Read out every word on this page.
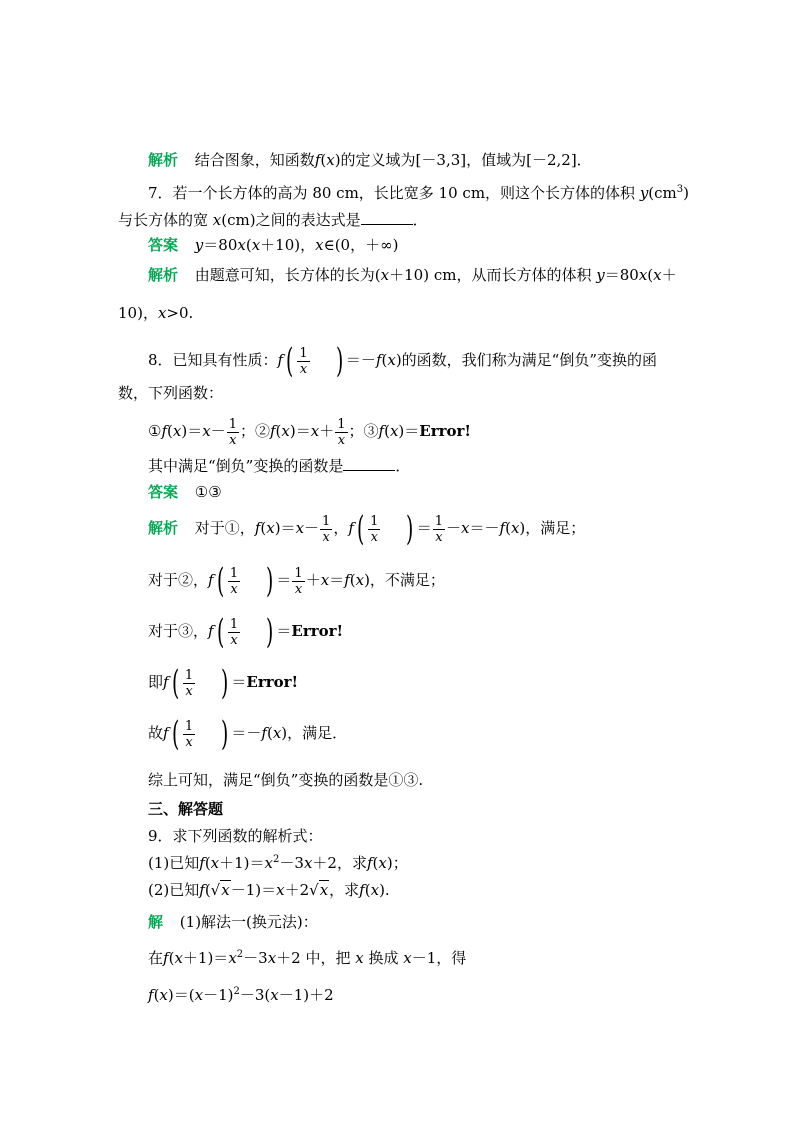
解析 结合图象，知函数f(x)的定义域为[－3,3]，值域为[－2,2]．
7．若一个长方体的高为 80 cm，长比宽多 10 cm，则这个长方体的体积 $y(cm^3)$
与长方体的宽 x(cm)之间的表达式是	．
答案 y＝80x(x＋10)，x∈(0，＋∞)
解析 由题意可知，长方体的长为(x＋10) cm，从而长方体的体积 y＝80x(x＋
10)，x>0.
8．已知具有性质：$f( \frac{1}{x}$ ) ＝－f(x)的函数，我们称为满足“倒负”变换的函
数，下列函数：
①f(x)＝x－ $\frac{1}{x}$ ；②f(x)＝x＋ $\frac{1}{x}$ ；③f(x)＝Error!
其中满足“倒负”变换的函数是	．
答案 ①③
解析 对于①，$f(x)=x- \frac{1}{x}$ ，$f( \frac{1}{x}$ ) ＝ $\frac{1}{x} -x=-f(x)$，满足；
对于②，$f( \frac{1}{x}$ ) ＝ $\frac{1}{x} +x=f(x)$，不满足；
对于③，$f( \frac{1}{x}$ ) ＝Error!
即$f( \frac{1}{x}$ ) ＝Error!
故$f( \frac{1}{x}$ ) ＝－f(x)，满足．
综上可知，满足“倒负”变换的函数是①③.
三、解答题
9．求下列函数的解析式：
(1)已知$f(x+1)=x^2-3x+2$，求f(x)；
(2)已知f(√x－1)＝x＋2√x，求f(x).
解 (1)解法一(换元法)：
在$f(x+1)=x^2-3x+2$ 中，把 x 换成 x－1，得
$f(x)=(x-1)^2-3(x-1)+2$
